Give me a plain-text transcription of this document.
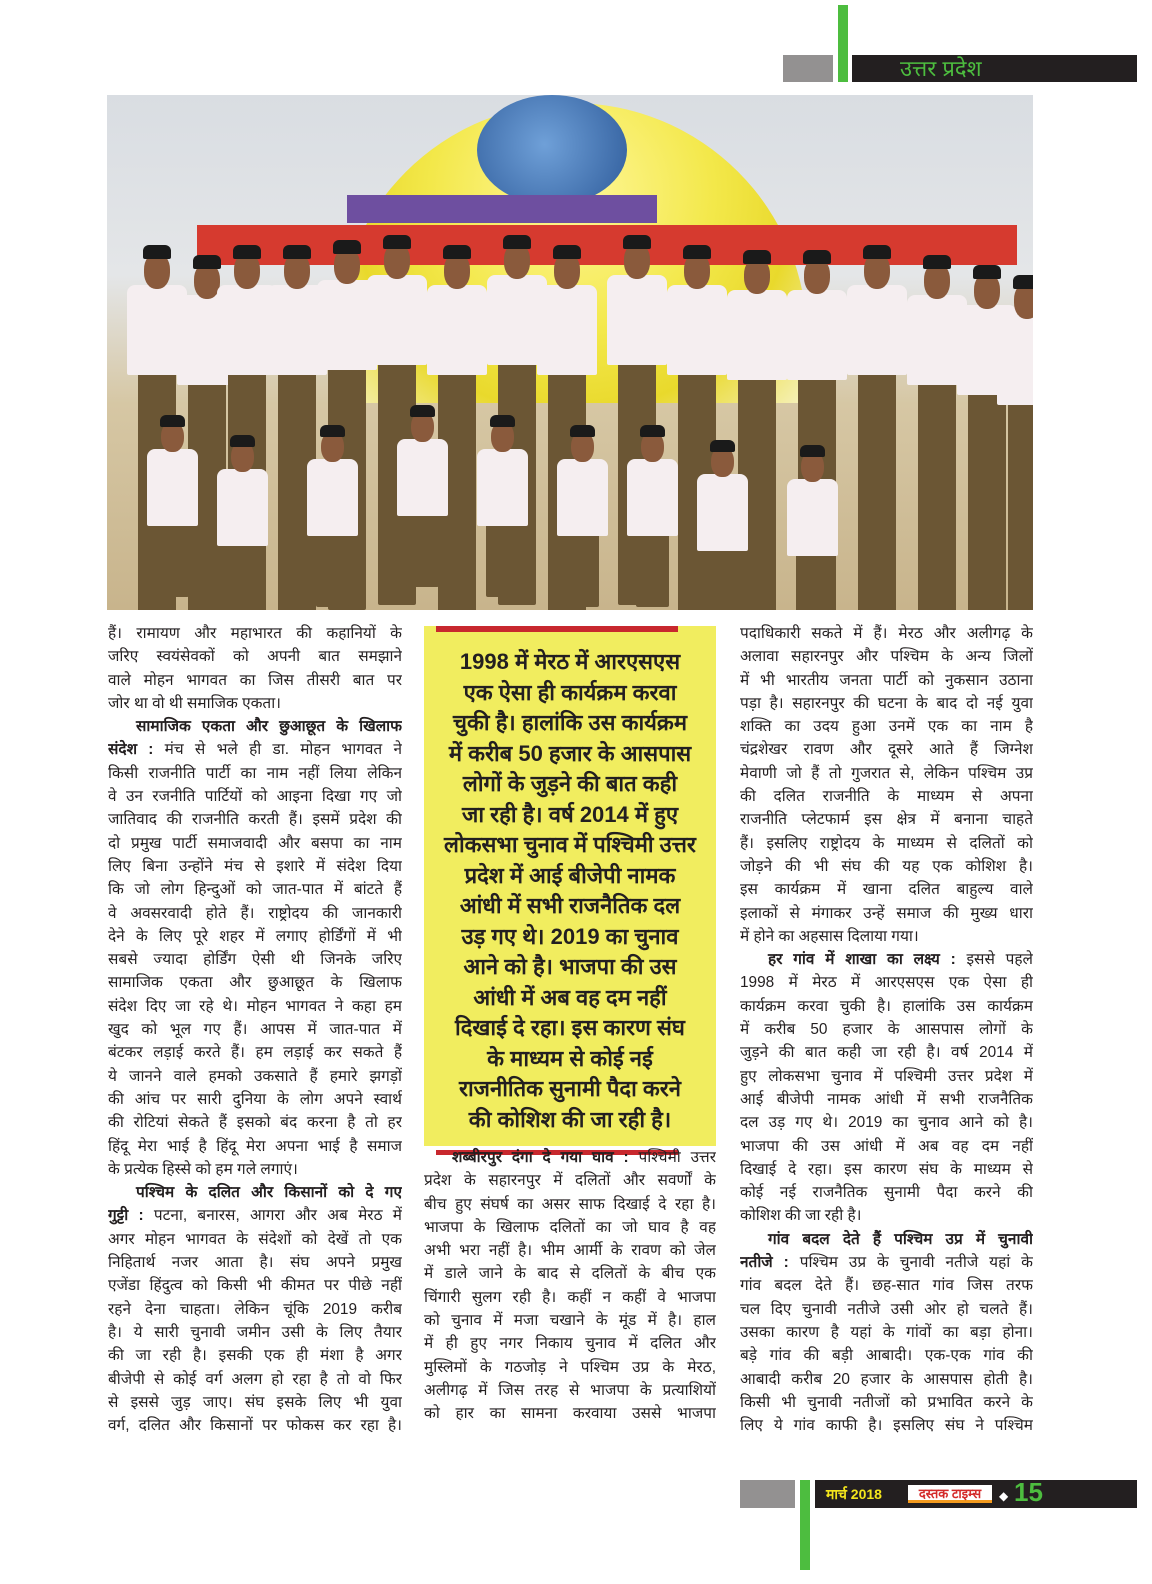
उत्तर प्रदेश
हैं। रामायण और महाभारत की कहानियों के
जरिए स्वयंसेवकों को अपनी बात समझाने
वाले मोहन भागवत का जिस तीसरी बात पर
जोर था वो थी समाजिक एकता।
सामाजिक एकता और छुआछूत के खिलाफ
संदेश : मंच से भले ही डा. मोहन भागवत ने
किसी राजनीति पार्टी का नाम नहीं लिया लेकिन
वे उन रजनीति पार्टियों को आइना दिखा गए जो
जातिवाद की राजनीति करती हैं। इसमें प्रदेश की
दो प्रमुख पार्टी समाजवादी और बसपा का नाम
लिए बिना उन्होंने मंच से इशारे में संदेश दिया
कि जो लोग हिन्दुओं को जात-पात में बांटते हैं
वे अवसरवादी होते हैं। राष्ट्रोदय की जानकारी
देने के लिए पूरे शहर में लगाए होर्डिंगों में भी
सबसे ज्यादा होर्डिंग ऐसी थी जिनके जरिए
सामाजिक एकता और छुआछूत के खिलाफ
संदेश दिए जा रहे थे। मोहन भागवत ने कहा हम
खुद को भूल गए हैं। आपस में जात-पात में
बंटकर लड़ाई करते हैं। हम लड़ाई कर सकते हैं
ये जानने वाले हमको उकसाते हैं हमारे झगड़ों
की आंच पर सारी दुनिया के लोग अपने स्वार्थ
की रोटियां सेकते हैं इसको बंद करना है तो हर
हिंदू मेरा भाई है हिंदू मेरा अपना भाई है समाज
के प्रत्येक हिस्से को हम गले लगाएं।
पश्चिम के दलित और किसानों को दे गए
गुट्टी : पटना, बनारस, आगरा और अब मेरठ में
अगर मोहन भागवत के संदेशों को देखें तो एक
निहितार्थ नजर आता है। संघ अपने प्रमुख
एजेंडा हिंदुत्व को किसी भी कीमत पर पीछे नहीं
रहने देना चाहता। लेकिन चूंकि 2019 करीब
है। ये सारी चुनावी जमीन उसी के लिए तैयार
की जा रही है। इसकी एक ही मंशा है अगर
बीजेपी से कोई वर्ग अलग हो रहा है तो वो फिर
से इससे जुड़ जाए। संघ इसके लिए भी युवा
वर्ग, दलित और किसानों पर फोकस कर रहा है।
1998 में मेरठ में आरएसएस
एक ऐसा ही कार्यक्रम करवा
चुकी है। हालांकि उस कार्यक्रम
में करीब 50 हजार के आसपास
लोगों के जुड़ने की बात कही
जा रही है। वर्ष 2014 में हुए
लोकसभा चुनाव में पश्चिमी उत्तर
प्रदेश में आई बीजेपी नामक
आंधी में सभी राजनैतिक दल
उड़ गए थे। 2019 का चुनाव
आने को है। भाजपा की उस
आंधी में अब वह दम नहीं
दिखाई दे रहा। इस कारण संघ
के माध्यम से कोई नई
राजनीतिक सुनामी पैदा करने
की कोशिश की जा रही है।
शब्बीरपुर दंगा दे गया घाव : पश्चिमी उत्तर
प्रदेश के सहारनपुर में दलितों और सवर्णों के
बीच हुए संघर्ष का असर साफ दिखाई दे रहा है।
भाजपा के खिलाफ दलितों का जो घाव है वह
अभी भरा नहीं है। भीम आर्मी के रावण को जेल
में डाले जाने के बाद से दलितों के बीच एक
चिंगारी सुलग रही है। कहीं न कहीं वे भाजपा
को चुनाव में मजा चखाने के मूंड में है। हाल
में ही हुए नगर निकाय चुनाव में दलित और
मुस्लिमों के गठजोड़ ने पश्चिम उप्र के मेरठ,
अलीगढ़ में जिस तरह से भाजपा के प्रत्याशियों
को हार का सामना करवाया उससे भाजपा
पदाधिकारी सकते में हैं। मेरठ और अलीगढ़ के
अलावा सहारनपुर और पश्चिम के अन्य जिलों
में भी भारतीय जनता पार्टी को नुकसान उठाना
पड़ा है। सहारनपुर की घटना के बाद दो नई युवा
शक्ति का उदय हुआ उनमें एक का नाम है
चंद्रशेखर रावण और दूसरे आते हैं जिग्नेश
मेवाणी जो हैं तो गुजरात से, लेकिन पश्चिम उप्र
की दलित राजनीति के माध्यम से अपना
राजनीति प्लेटफार्म इस क्षेत्र में बनाना चाहते
हैं। इसलिए राष्ट्रोदय के माध्यम से दलितों को
जोड़ने की भी संघ की यह एक कोशिश है।
इस कार्यक्रम में खाना दलित बाहुल्य वाले
इलाकों से मंगाकर उन्हें समाज की मुख्य धारा
में होने का अहसास दिलाया गया।
हर गांव में शाखा का लक्ष्य : इससे पहले
1998 में मेरठ में आरएसएस एक ऐसा ही
कार्यक्रम करवा चुकी है। हालांकि उस कार्यक्रम
में करीब 50 हजार के आसपास लोगों के
जुड़ने की बात कही जा रही है। वर्ष 2014 में
हुए लोकसभा चुनाव में पश्चिमी उत्तर प्रदेश में
आई बीजेपी नामक आंधी में सभी राजनैतिक
दल उड़ गए थे। 2019 का चुनाव आने को है।
भाजपा की उस आंधी में अब वह दम नहीं
दिखाई दे रहा। इस कारण संघ के माध्यम से
कोई नई राजनैतिक सुनामी पैदा करने की
कोशिश की जा रही है।
गांव बदल देते हैं पश्चिम उप्र में चुनावी
नतीजे : पश्चिम उप्र के चुनावी नतीजे यहां के
गांव बदल देते हैं। छह-सात गांव जिस तरफ
चल दिए चुनावी नतीजे उसी ओर हो चलते हैं।
उसका कारण है यहां के गांवों का बड़ा होना।
बड़े गांव की बड़ी आबादी। एक-एक गांव की
आबादी करीब 20 हजार के आसपास होती है।
किसी भी चुनावी नतीजों को प्रभावित करने के
लिए ये गांव काफी है। इसलिए संघ ने पश्चिम
मार्च 2018	दस्तक टाइम्स	◆ 15
